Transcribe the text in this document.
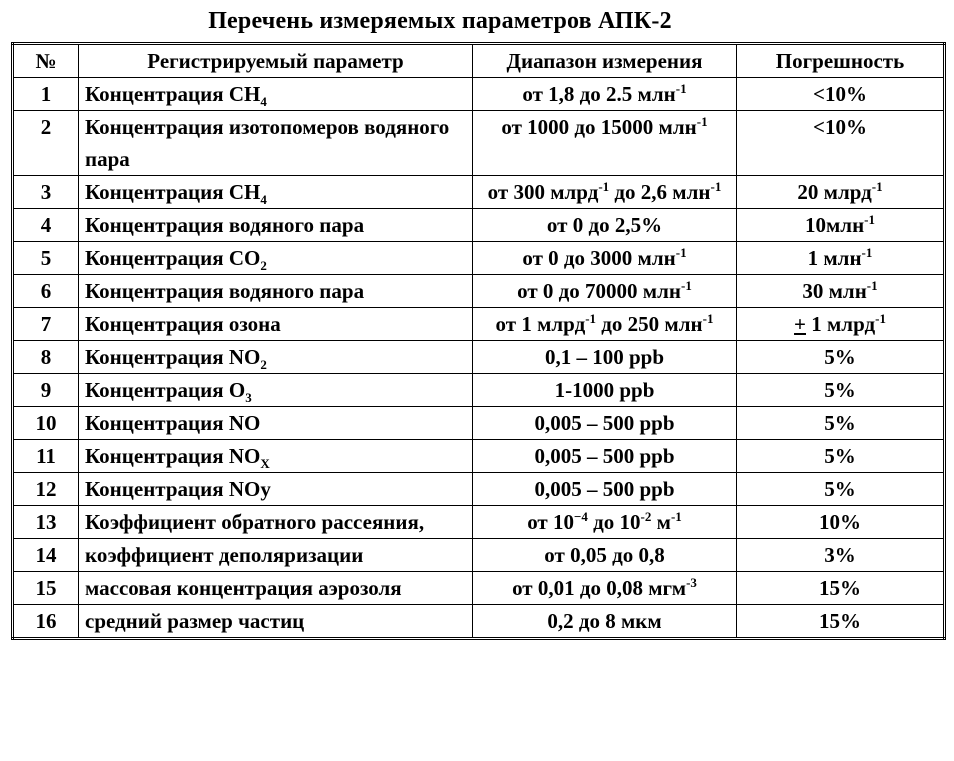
Перечень измеряемых параметров АПК-2
№	Регистрируемый параметр	Диапазон измерения	Погрешность
1	Концентрация $CH_4$	от 1,8 до 2.5 млн$^{-1}$	<10%
2	Концентрация изотопомеров водяного пара	от 1000 до 15000 млн$^{-1}$	<10%
3	Концентрация $CH_4$	от 300 млрд$^{-1}$ до 2,6 млн$^{-1}$	20 млрд$^{-1}$
4	Концентрация водяного пара	от 0 до 2,5%	10млн$^{-1}$
5	Концентрация $CO_2$	от 0 до 3000 млн$^{-1}$	1 млн$^{-1}$
6	Концентрация водяного пара	от 0 до 70000 млн$^{-1}$	30 млн$^{-1}$
7	Концентрация озона	от 1 млрд$^{-1}$ до 250 млн$^{-1}$	+ 1 млрд$^{-1}$
8	Концентрация $NO_2$	0,1 – 100 ppb	5%
9	Концентрация $O_3$	1-1000 ppb	5%
10	Концентрация NO	0,005 – 500 ppb	5%
11	Концентрация $NO_X$	0,005 – 500 ppb	5%
12	Концентрация NOy	0,005 – 500 ppb	5%
13	Коэффициент обратного рассеяния,	от $10^{-4}$ до $10^{-2}$ $м^{-1}$	10%
14	коэффициент деполяризации	от 0,05 до 0,8	3%
15	массовая концентрация аэрозоля	от 0,01 до 0,08 мгм$^{-3}$	15%
16	средний размер частиц	0,2 до 8 мкм	15%
